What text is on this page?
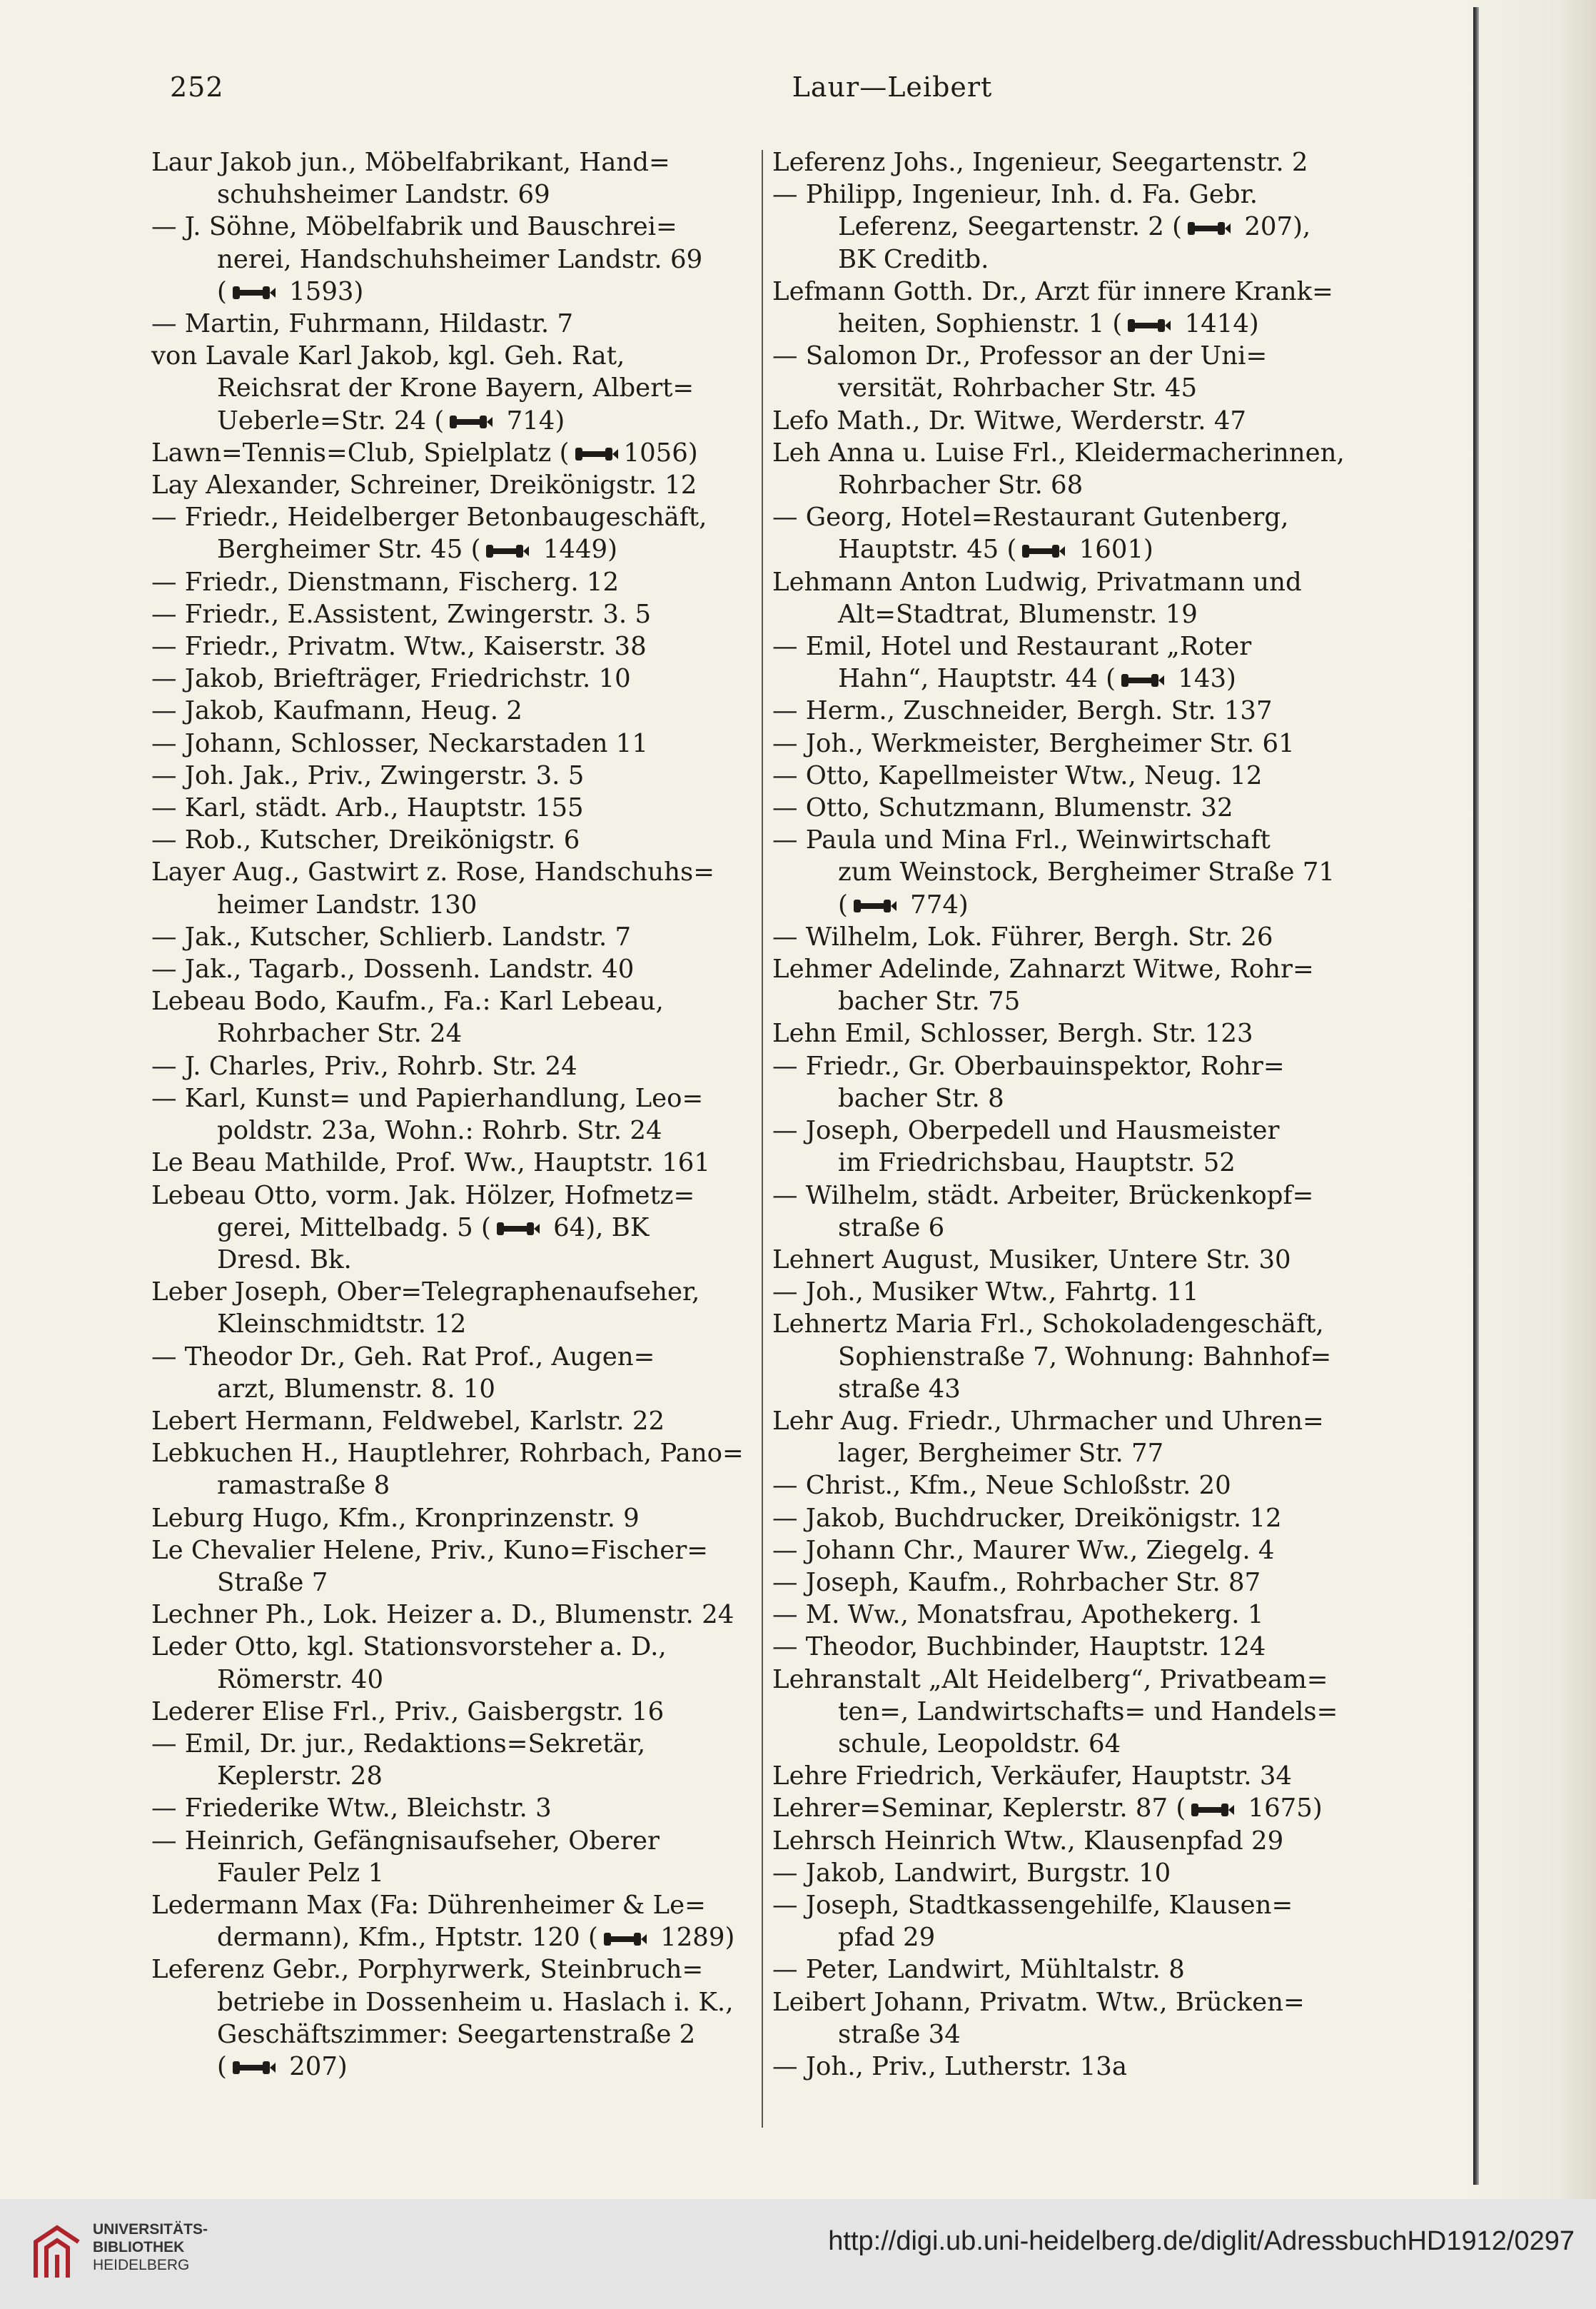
252	Laur—Leibert
Laur Jakob jun., Möbelfabrikant, Hand=
schuhsheimer Landstr. 69
— J. Söhne, Möbelfabrik und Bauschrei=
nerei, Handschuhsheimer Landstr. 69
(
1593)
— Martin, Fuhrmann, Hildastr. 7
von Lavale Karl Jakob, kgl. Geh. Rat,
Reichsrat der Krone Bayern, Albert=
Ueberle=Str. 24 (
714)
Lawn=Tennis=Club, Spielplatz ( 1056)
Lay Alexander, Schreiner, Dreikönigstr. 12
— Friedr., Heidelberger Betonbaugeschäft,
Bergheimer Str. 45 (
1449)
— Friedr., Dienstmann, Fischerg. 12
— Friedr., E.Assistent, Zwingerstr. 3. 5
— Friedr., Privatm. Wtw., Kaiserstr. 38
— Jakob, Briefträger, Friedrichstr. 10
— Jakob, Kaufmann, Heug. 2
— Johann, Schlosser, Neckarstaden 11
— Joh. Jak., Priv., Zwingerstr. 3. 5
— Karl, städt. Arb., Hauptstr. 155
— Rob., Kutscher, Dreikönigstr. 6
Layer Aug., Gastwirt z. Rose, Handschuhs=
heimer Landstr. 130
— Jak., Kutscher, Schlierb. Landstr. 7
— Jak., Tagarb., Dossenh. Landstr. 40
Lebeau Bodo, Kaufm., Fa.: Karl Lebeau,
Rohrbacher Str. 24
— J. Charles, Priv., Rohrb. Str. 24
— Karl, Kunst= und Papierhandlung, Leo=
poldstr. 23a, Wohn.: Rohrb. Str. 24
Le Beau Mathilde, Prof. Ww., Hauptstr. 161
Lebeau Otto, vorm. Jak. Hölzer, Hofmetz=
gerei, Mittelbadg. 5 (
64), BK
Dresd. Bk.
Leber Joseph, Ober=Telegraphenaufseher,
Kleinschmidtstr. 12
— Theodor Dr., Geh. Rat Prof., Augen=
arzt, Blumenstr. 8. 10
Lebert Hermann, Feldwebel, Karlstr. 22
Lebkuchen H., Hauptlehrer, Rohrbach, Pano=
ramastraße 8
Leburg Hugo, Kfm., Kronprinzenstr. 9
Le Chevalier Helene, Priv., Kuno=Fischer=
Straße 7
Lechner Ph., Lok. Heizer a. D., Blumenstr. 24
Leder Otto, kgl. Stationsvorsteher a. D.,
Römerstr. 40
Lederer Elise Frl., Priv., Gaisbergstr. 16
— Emil, Dr. jur., Redaktions=Sekretär,
Keplerstr. 28
— Friederike Wtw., Bleichstr. 3
— Heinrich, Gefängnisaufseher, Oberer
Fauler Pelz 1
Ledermann Max (Fa: Dührenheimer & Le=
dermann), Kfm., Hptstr. 120 (
1289)
Leferenz Gebr., Porphyrwerk, Steinbruch=
betriebe in Dossenheim u. Haslach i. K.,
Geschäftszimmer: Seegartenstraße 2
(
207)
Leferenz Johs., Ingenieur, Seegartenstr. 2
— Philipp, Ingenieur, Inh. d. Fa. Gebr.
Leferenz, Seegartenstr. 2 (
207),
BK Creditb.
Lefmann Gotth. Dr., Arzt für innere Krank=
heiten, Sophienstr. 1 (
1414)
— Salomon Dr., Professor an der Uni=
versität, Rohrbacher Str. 45
Lefo Math., Dr. Witwe, Werderstr. 47
Leh Anna u. Luise Frl., Kleidermacherinnen,
Rohrbacher Str. 68
— Georg, Hotel=Restaurant Gutenberg,
Hauptstr. 45 (
1601)
Lehmann Anton Ludwig, Privatmann und
Alt=Stadtrat, Blumenstr. 19
— Emil, Hotel und Restaurant „Roter
Hahn“, Hauptstr. 44 (
143)
— Herm., Zuschneider, Bergh. Str. 137
— Joh., Werkmeister, Bergheimer Str. 61
— Otto, Kapellmeister Wtw., Neug. 12
— Otto, Schutzmann, Blumenstr. 32
— Paula und Mina Frl., Weinwirtschaft
zum Weinstock, Bergheimer Straße 71
(
774)
— Wilhelm, Lok. Führer, Bergh. Str. 26
Lehmer Adelinde, Zahnarzt Witwe, Rohr=
bacher Str. 75
Lehn Emil, Schlosser, Bergh. Str. 123
— Friedr., Gr. Oberbauinspektor, Rohr=
bacher Str. 8
— Joseph, Oberpedell und Hausmeister
im Friedrichsbau, Hauptstr. 52
— Wilhelm, städt. Arbeiter, Brückenkopf=
straße 6
Lehnert August, Musiker, Untere Str. 30
— Joh., Musiker Wtw., Fahrtg. 11
Lehnertz Maria Frl., Schokoladengeschäft,
Sophienstraße 7, Wohnung: Bahnhof=
straße 43
Lehr Aug. Friedr., Uhrmacher und Uhren=
lager, Bergheimer Str. 77
— Christ., Kfm., Neue Schloßstr. 20
— Jakob, Buchdrucker, Dreikönigstr. 12
— Johann Chr., Maurer Ww., Ziegelg. 4
— Joseph, Kaufm., Rohrbacher Str. 87
— M. Ww., Monatsfrau, Apothekerg. 1
— Theodor, Buchbinder, Hauptstr. 124
Lehranstalt „Alt Heidelberg“, Privatbeam=
ten=, Landwirtschafts= und Handels=
schule, Leopoldstr. 64
Lehre Friedrich, Verkäufer, Hauptstr. 34
Lehrer=Seminar, Keplerstr. 87 (
1675)
Lehrsch Heinrich Wtw., Klausenpfad 29
— Jakob, Landwirt, Burgstr. 10
— Joseph, Stadtkassengehilfe, Klausen=
pfad 29
— Peter, Landwirt, Mühltalstr. 8
Leibert Johann, Privatm. Wtw., Brücken=
straße 34
— Joh., Priv., Lutherstr. 13a
UNIVERSITÄTS-
BIBLIOTHEK
HEIDELBERG
http://digi.ub.uni-heidelberg.de/diglit/AdressbuchHD1912/0297
